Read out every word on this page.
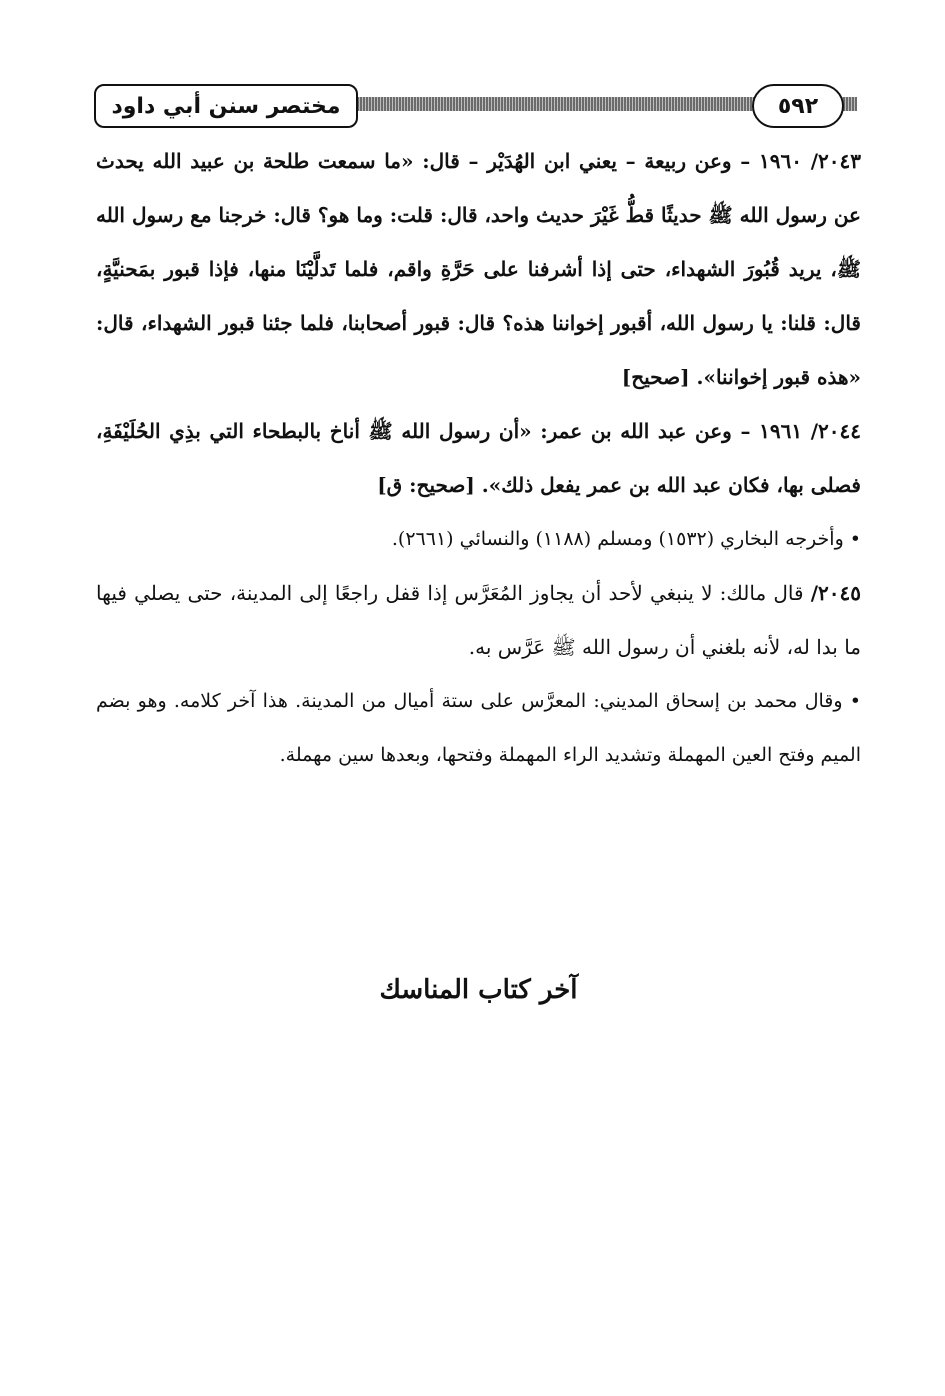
مختصر سنن أبي داود	٥٩٢

٢٠٤٣/ ١٩٦٠ – وعن ربيعة – يعني ابن الهُدَيْر – قال: «ما سمعت طلحة بن عبيد الله يحدث عن رسول الله ﷺ حديثًا قطُّ غَيْرَ حديث واحد، قال: قلت: وما هو؟ قال: خرجنا مع رسول الله ﷺ، يريد قُبُورَ الشهداء، حتى إذا أشرفنا على حَرَّةِ واقم، فلما تَدلَّيْنَا منها، فإذا قبور بمَحنيَّةٍ، قال: قلنا: يا رسول الله، أقبور إخواننا هذه؟ قال: قبور أصحابنا، فلما جئنا قبور الشهداء، قال: «هذه قبور إخواننا». [صحيح]

٢٠٤٤/ ١٩٦١ – وعن عبد الله بن عمر: «أن رسول الله ﷺ أناخ بالبطحاء التي بذِي الحُلَيْفَةِ، فصلى بها، فكان عبد الله بن عمر يفعل ذلك». [صحيح: ق]

• وأخرجه البخاري (١٥٣٢) ومسلم (١١٨٨) والنسائي (٢٦٦١).

٢٠٤٥/ قال مالك: لا ينبغي لأحد أن يجاوز المُعَرَّس إذا قفل راجعًا إلى المدينة، حتى يصلي فيها ما بدا له، لأنه بلغني أن رسول الله ﷺ عَرَّس به.

• وقال محمد بن إسحاق المديني: المعرَّس على ستة أميال من المدينة. هذا آخر كلامه. وهو بضم الميم وفتح العين المهملة وتشديد الراء المهملة وفتحها، وبعدها سين مهملة.

آخر كتاب المناسك
